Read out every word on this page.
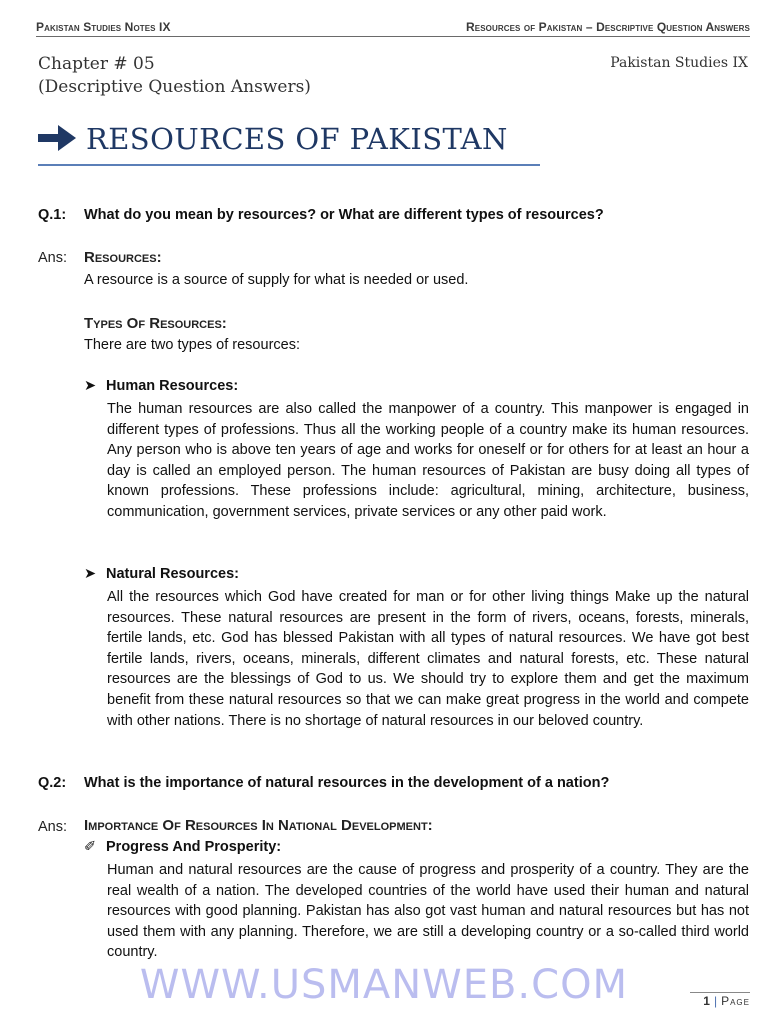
Pakistan Studies Notes IX	Resources of Pakistan – Descriptive Question Answers
Chapter # 05
(Descriptive Question Answers)
Pakistan Studies IX
RESOURCES OF PAKISTAN
Q.1: What do you mean by resources? or What are different types of resources?
Ans: Resources:
A resource is a source of supply for what is needed or used.
Types Of Resources:
There are two types of resources:
➤ Human Resources:
The human resources are also called the manpower of a country. This manpower is engaged in different types of professions. Thus all the working people of a country make its human resources. Any person who is above ten years of age and works for oneself or for others for at least an hour a day is called an employed person. The human resources of Pakistan are busy doing all types of known professions. These professions include: agricultural, mining, architecture, business, communication, government services, private services or any other paid work.
➤ Natural Resources:
All the resources which God have created for man or for other living things Make up the natural resources. These natural resources are present in the form of rivers, oceans, forests, minerals, fertile lands, etc. God has blessed Pakistan with all types of natural resources. We have got best fertile lands, rivers, oceans, minerals, different climates and natural forests, etc. These natural resources are the blessings of God to us. We should try to explore them and get the maximum benefit from these natural resources so that we can make great progress in the world and compete with other nations. There is no shortage of natural resources in our beloved country.
Q.2: What is the importance of natural resources in the development of a nation?
Ans: Importance Of Resources In National Development:
✐ Progress And Prosperity:
Human and natural resources are the cause of progress and prosperity of a country. They are the real wealth of a nation. The developed countries of the world have used their human and natural resources with good planning. Pakistan has also got vast human and natural resources but has not used them with any planning. Therefore, we are still a developing country or a so-called third world country.
WWW.USMANWEB.COM	1 | Page
